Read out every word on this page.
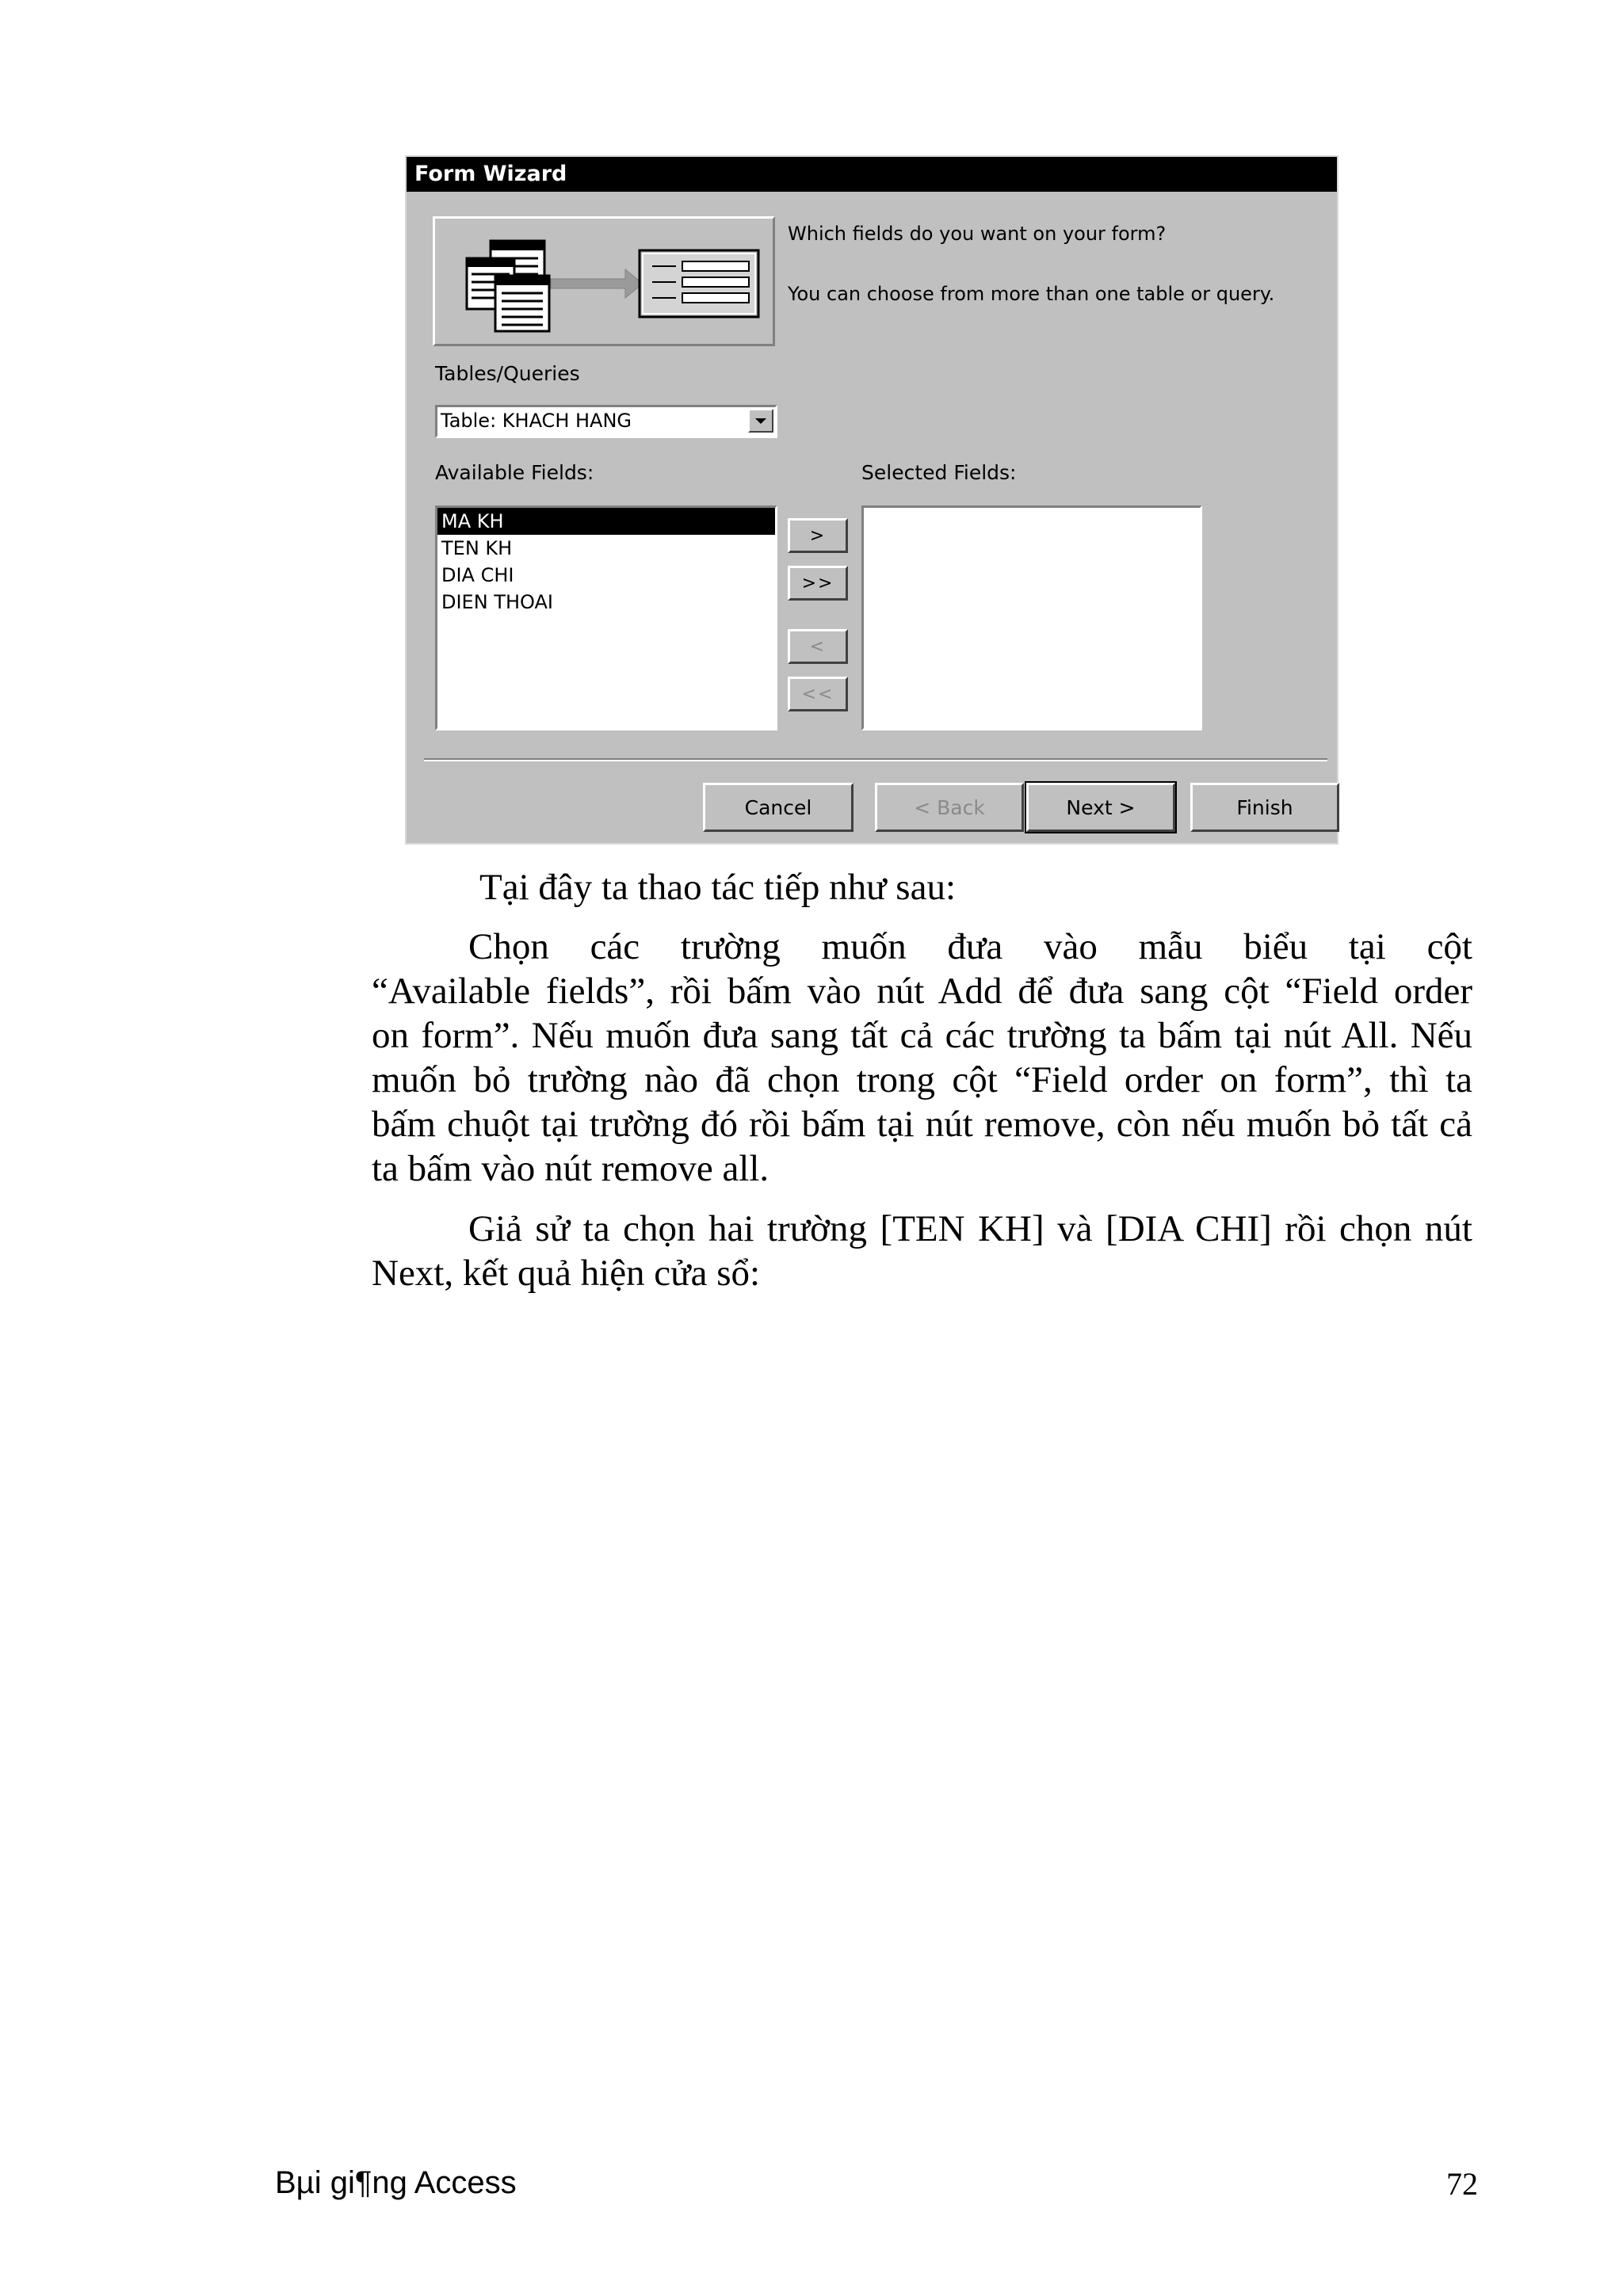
Form Wizard
Which fields do you want on your form?
You can choose from more than one table or query.
Tables/Queries
Table: KHACH HANG
Available Fields:	Selected Fields:
MA KH
TEN KH
DIA CHI
DIEN THOAI
>
>>
<
<<
Cancel	< Back	Next >	Finish
Tại đây ta thao tác tiếp như sau:
Chọn các trường muốn đưa vào mẫu biểu tại cột
“Available fields”, rồi bấm vào nút Add để đưa sang cột “Field order
on form”. Nếu muốn đưa sang tất cả các trường ta bấm tại nút All. Nếu
muốn bỏ trường nào đã chọn trong cột “Field order on form”, thì ta
bấm chuột tại trường đó rồi bấm tại nút remove, còn nếu muốn bỏ tất cả
ta bấm vào nút remove all.
Giả sử ta chọn hai trường [TEN KH] và [DIA CHI] rồi chọn nút
Next, kết quả hiện cửa sổ:
Bµi gi¶ng Access	72
